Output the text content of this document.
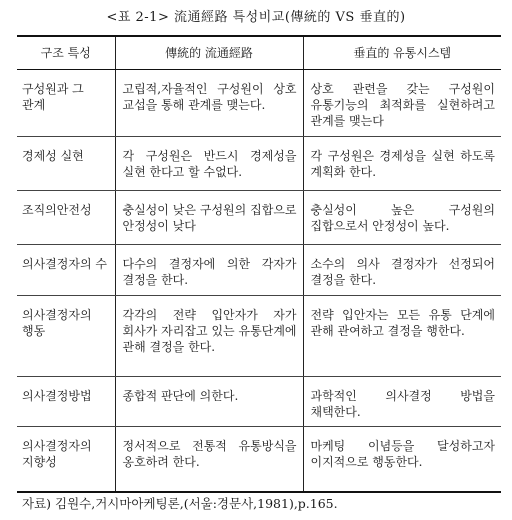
<표 2-1> 流通經路 특성비교(傳統的 VS 垂直的)
구조 특성	傳統的 流通經路	垂直的 유통시스템

구성원과 그 관계	고립적,자율적인 구성원이 상호 교섭을 통해 관계를 맺는다.	상호 관련을 갖는 구성원이 유통기능의 최적화를 실현하려고 관계를 맺는다

경제성 실현	각 구성원은 반드시 경제성을 실현 한다고 할 수없다.	각 구성원은 경제성을 실현 하도록 계획화 한다.

조직의안전성	충실성이 낮은 구성원의 집합으로 안정성이 낮다	충실성이 높은 구성원의 집합으로서 안정성이 높다.

의사결정자의 수	다수의 결정자에 의한 각자가 결정을 한다.	소수의 의사 결정자가 선정되어 결정을 한다.

의사결정자의 행동	각각의 전략 입안자가 자가 회사가 자리잡고 있는 유통단계에 관해 결정을 한다.	전략 입안자는 모든 유통 단계에 관해 관여하고 결정을 행한다.

의사결정방법	종합적 판단에 의한다.	과학적인 의사결정 방법을 채택한다.

의사결정자의 지향성	정서적으로 전통적 유통방식을 옹호하려 한다.	마케팅 이념등을 달성하고자 이지적으로 행동한다.
자료) 김원수,거시마아케팅론,(서울:경문사,1981),p.165.
